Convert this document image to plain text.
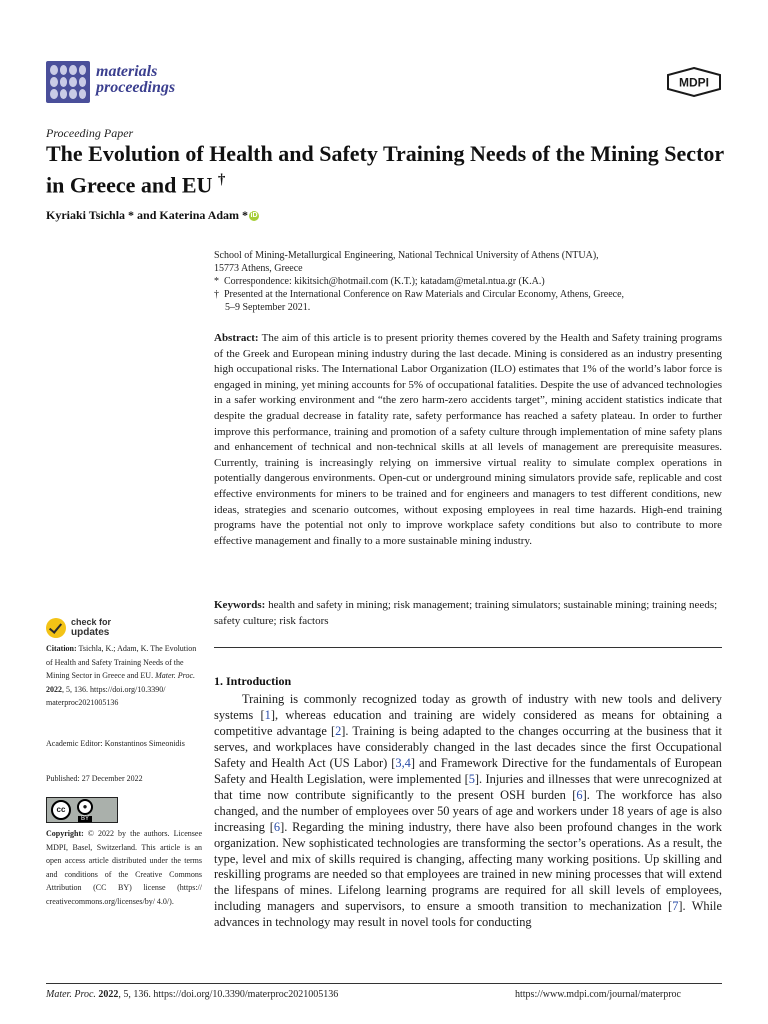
materials
proceedings	MDPI
Proceeding Paper
The Evolution of Health and Safety Training Needs of the Mining Sector in Greece and EU †
Kyriaki Tsichla * and Katerina Adam * iD
School of Mining-Metallurgical Engineering, National Technical University of Athens (NTUA),
15773 Athens, Greece
* Correspondence: kikitsich@hotmail.com (K.T.); katadam@metal.ntua.gr (K.A.)
† Presented at the International Conference on Raw Materials and Circular Economy, Athens, Greece,
5–9 September 2021.
Abstract: The aim of this article is to present priority themes covered by the Health and Safety training programs of the Greek and European mining industry during the last decade. Mining is considered as an industry presenting high occupational risks. The International Labor Organization (ILO) estimates that 1% of the world’s labor force is engaged in mining, yet mining accounts for 5% of occupational fatalities. Despite the use of advanced technologies in a safer working environment and “the zero harm-zero accidents target”, mining accident statistics indicate that despite the gradual decrease in fatality rate, safety performance has reached a safety plateau. In order to further improve this performance, training and promotion of a safety culture through implementation of mine safety plans and enhancement of technical and non-technical skills at all levels of management are prerequisite measures. Currently, training is increasingly relying on immersive virtual reality to simulate complex operations in potentially dangerous environments. Open-cut or underground mining simulators provide safe, replicable and cost effective environments for miners to be trained and for engineers and managers to test different conditions, new ideas, strategies and scenario outcomes, without exposing employees in real time hazards. High-end training programs have the potential not only to improve workplace safety conditions but also to contribute to more effective management and finally to a more sustainable mining industry.
Keywords: health and safety in mining; risk management; training simulators; sustainable mining; training needs; safety culture; risk factors
check for
updates
Citation: Tsichla, K.; Adam, K. The Evolution of Health and Safety Training Needs of the Mining Sector in Greece and EU. Mater. Proc. 2022, 5, 136. https://doi.org/10.3390/ materproc2021005136
Academic Editor: Konstantinos Simeonidis
Published: 27 December 2022
cc	●
BY
Copyright: © 2022 by the authors. Licensee MDPI, Basel, Switzerland. This article is an open access article distributed under the terms and conditions of the Creative Commons Attribution (CC BY) license (https:// creativecommons.org/licenses/by/ 4.0/).
1. Introduction

Training is commonly recognized today as growth of industry with new tools and delivery systems [1], whereas education and training are widely considered as means for obtaining a competitive advantage [2]. Training is being adapted to the changes occurring at the business that it serves, and workplaces have considerably changed in the last decades since the first Occupational Safety and Health Act (US Labor) [3,4] and Framework Directive for the fundamentals of European Safety and Health Legislation, were implemented [5]. Injuries and illnesses that were unrecognized at that time now contribute significantly to the present OSH burden [6]. The workforce has also changed, and the number of employees over 50 years of age and workers under 18 years of age is also increasing [6]. Regarding the mining industry, there have also been profound changes in the work organization. New sophisticated technologies are transforming the sector’s operations. As a result, the type, level and mix of skills required is changing, affecting many working positions. Up skilling and reskilling programs are needed so that employees are trained in new mining processes that will extend the lifespans of mines. Lifelong learning programs are required for all skill levels of employees, including managers and supervisors, to ensure a smooth transition to mechanization [7]. While advances in technology may result in novel tools for conducting

Mater. Proc. 2022, 5, 136. https://doi.org/10.3390/materproc2021005136	https://www.mdpi.com/journal/materproc
